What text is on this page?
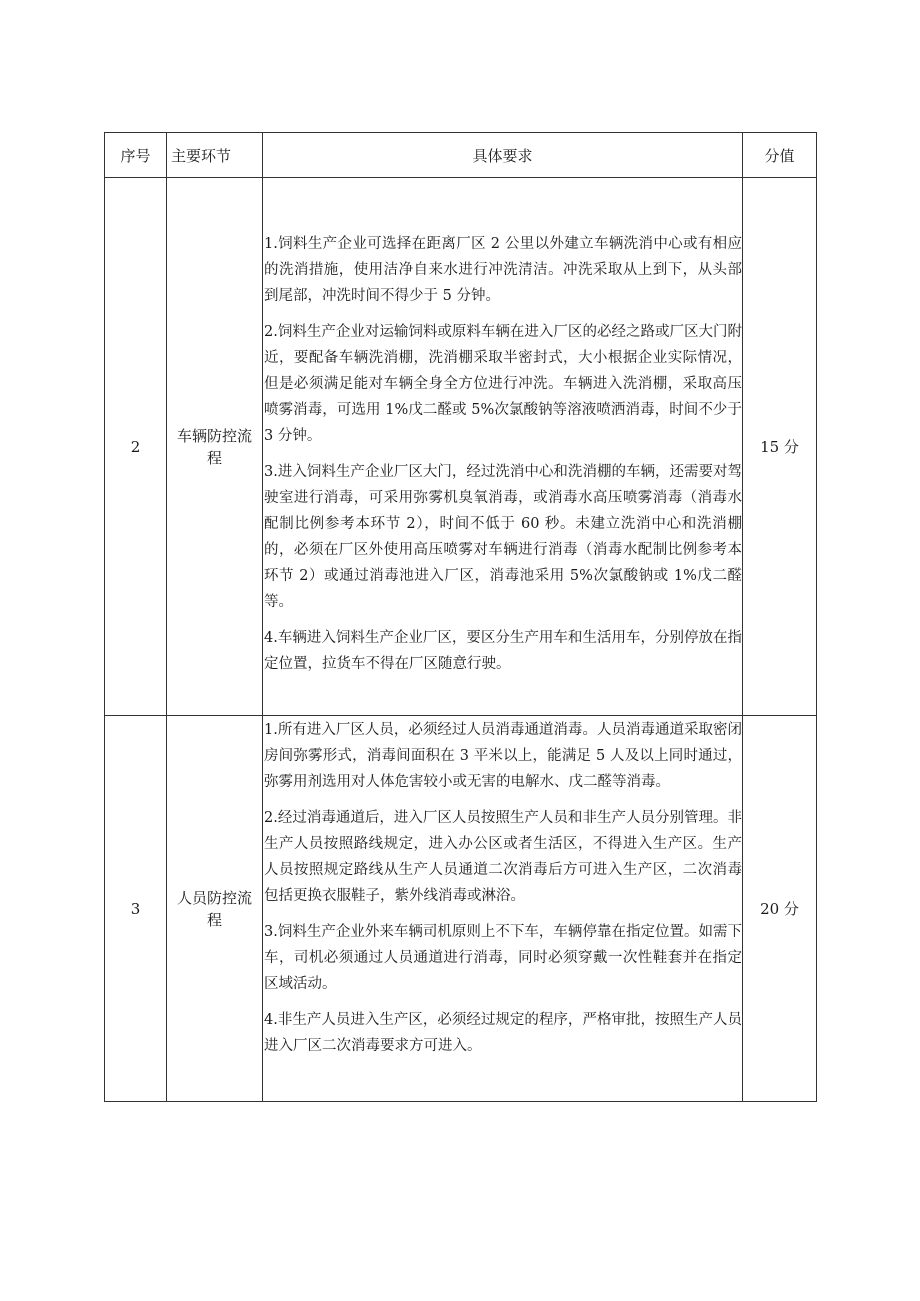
序号	主要环节	具体要求	分值
2	车辆防控流程	1.饲料生产企业可选择在距离厂区 2 公里以外建立车辆洗消中心或有相应的洗消措施，使用洁净自来水进行冲洗清洁。冲洗采取从上到下，从头部到尾部，冲洗时间不得少于 5 分钟。

2.饲料生产企业对运输饲料或原料车辆在进入厂区的必经之路或厂区大门附近，要配备车辆洗消棚，洗消棚采取半密封式，大小根据企业实际情况，但是必须满足能对车辆全身全方位进行冲洗。车辆进入洗消棚，采取高压喷雾消毒，可选用 1%戊二醛或 5%次氯酸钠等溶液喷洒消毒，时间不少于 3 分钟。

3.进入饲料生产企业厂区大门，经过洗消中心和洗消棚的车辆，还需要对驾驶室进行消毒，可采用弥雾机臭氧消毒，或消毒水高压喷雾消毒（消毒水配制比例参考本环节 2），时间不低于 60 秒。未建立洗消中心和洗消棚的，必须在厂区外使用高压喷雾对车辆进行消毒（消毒水配制比例参考本环节 2）或通过消毒池进入厂区，消毒池采用 5%次氯酸钠或 1%戊二醛等。

4.车辆进入饲料生产企业厂区，要区分生产用车和生活用车，分别停放在指定位置，拉货车不得在厂区随意行驶。	15 分
3	人员防控流程	1.所有进入厂区人员，必须经过人员消毒通道消毒。人员消毒通道采取密闭房间弥雾形式，消毒间面积在 3 平米以上，能满足 5 人及以上同时通过，弥雾用剂选用对人体危害较小或无害的电解水、戊二醛等消毒。

2.经过消毒通道后，进入厂区人员按照生产人员和非生产人员分别管理。非生产人员按照路线规定，进入办公区或者生活区，不得进入生产区。生产人员按照规定路线从生产人员通道二次消毒后方可进入生产区，二次消毒包括更换衣服鞋子，紫外线消毒或淋浴。

3.饲料生产企业外来车辆司机原则上不下车，车辆停靠在指定位置。如需下车，司机必须通过人员通道进行消毒，同时必须穿戴一次性鞋套并在指定区域活动。

4.非生产人员进入生产区，必须经过规定的程序，严格审批，按照生产人员进入厂区二次消毒要求方可进入。	20 分
